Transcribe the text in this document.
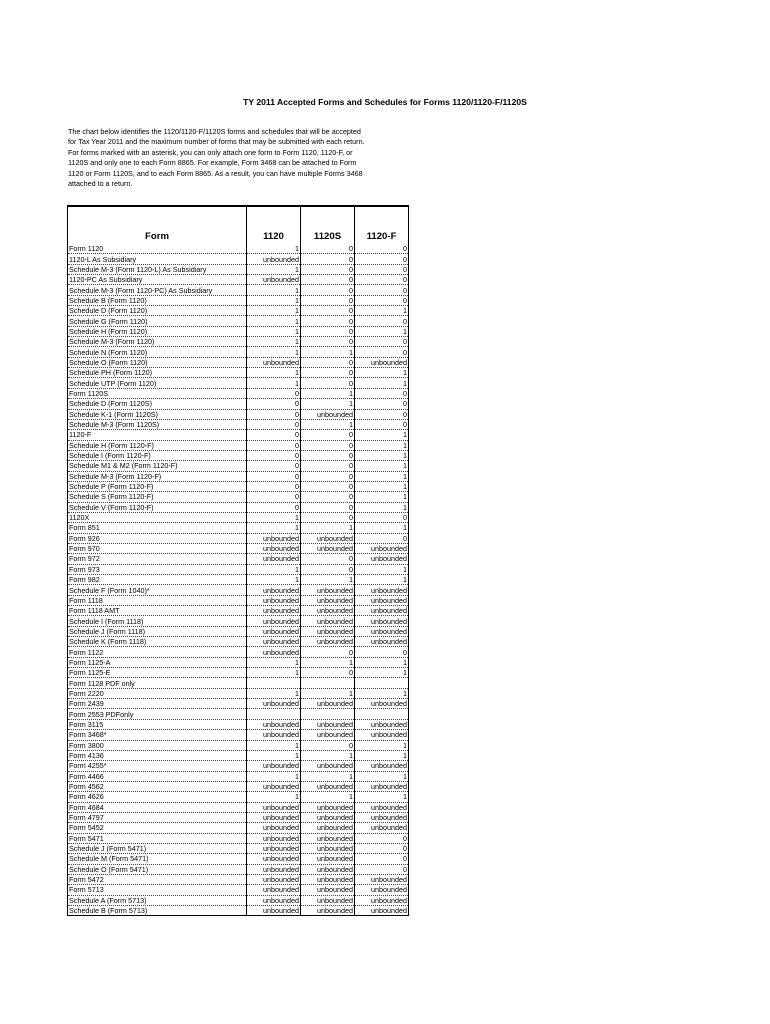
TY 2011 Accepted Forms and Schedules for Forms 1120/1120-F/1120S

The chart below identifies the 1120/1120-F/1120S forms and schedules that will be accepted

for Tax Year 2011 and the maximum number of forms that may be submitted with each return.

For forms marked with an asterisk, you can only attach one form to Form 1120, 1120-F, or

1120S and only one to each Form 8865. For example, Form 3468 can be attached to Form

1120 or Form 1120S, and to each Form 8865. As a result, you can have multiple Forms 3468

attached to a return.

Form	1120	1120S	1120-F
Form 1120	1	0	0
1120-L As Subsidiary	unbounded	0	0
Schedule M-3 (Form 1120-L) As Subsidiary	1	0	0
1120-PC As Subsidiary	unbounded	0	0
Schedule M-3 (Form 1120-PC) As Subsidiary	1	0	0
Schedule B (Form 1120)	1	0	0
Schedule D (Form 1120)	1	0	1
Schedule G (Form 1120)	1	0	0
Schedule H (Form 1120)	1	0	1
Schedule M-3 (Form 1120)	1	0	0
Schedule N (Form 1120)	1	1	0
Schedule O (Form 1120)	unbounded	0	unbounded
Schedule PH (Form 1120)	1	0	1
Schedule UTP (Form 1120)	1	0	1
Form 1120S	0	1	0
Schedule D (Form 1120S)	0	1	0
Schedule K-1 (Form 1120S)	0	unbounded	0
Schedule M-3 (Form 1120S)	0	1	0
1120-F	0	0	1
Schedule H (Form 1120-F)	0	0	1
Schedule I (Form 1120-F)	0	0	1
Schedule M1 & M2 (Form 1120-F)	0	0	1
Schedule M-3 (Form 1120-F)	0	0	1
Schedule P (Form 1120-F)	0	0	1
Schedule S (Form 1120-F)	0	0	1
Schedule V (Form 1120-F)	0	0	1
1120X	1	0	0
Form 851	1	1	1
Form 926	unbounded	unbounded	0
Form 970	unbounded	unbounded	unbounded
Form 972	unbounded	0	unbounded
Form 973	1	0	1
Form 982	1	1	1
Schedule F (Form 1040)*	unbounded	unbounded	unbounded
Form 1118	unbounded	unbounded	unbounded
Form 1118 AMT	unbounded	unbounded	unbounded
Schedule I (Form 1118)	unbounded	unbounded	unbounded
Schedule J (Form 1118)	unbounded	unbounded	unbounded
Schedule K (Form 1118)	unbounded	unbounded	unbounded
Form 1122	unbounded	0	0
Form 1125-A	1	1	1
Form 1125-E	1	0	1
Form 1128 PDF only			
Form 2220	1	1	1
Form 2439	unbounded	unbounded	unbounded
Form 2553 PDFonly			
Form 3115	unbounded	unbounded	unbounded
Form 3468*	unbounded	unbounded	unbounded
Form 3800	1	0	1
Form 4136	1	1	1
Form 4255*	unbounded	unbounded	unbounded
Form 4466	1	1	1
Form 4562	unbounded	unbounded	unbounded
Form 4626	1	1	1
Form 4684	unbounded	unbounded	unbounded
Form 4797	unbounded	unbounded	unbounded
Form 5452	unbounded	unbounded	unbounded
Form 5471	unbounded	unbounded	0
Schedule J (Form 5471)	unbounded	unbounded	0
Schedule M (Form 5471)	unbounded	unbounded	0
Schedule O (Form 5471)	unbounded	unbounded	0
Form 5472	unbounded	unbounded	unbounded
Form 5713	unbounded	unbounded	unbounded
Schedule A (Form 5713)	unbounded	unbounded	unbounded
Schedule B (Form 5713)	unbounded	unbounded	unbounded
